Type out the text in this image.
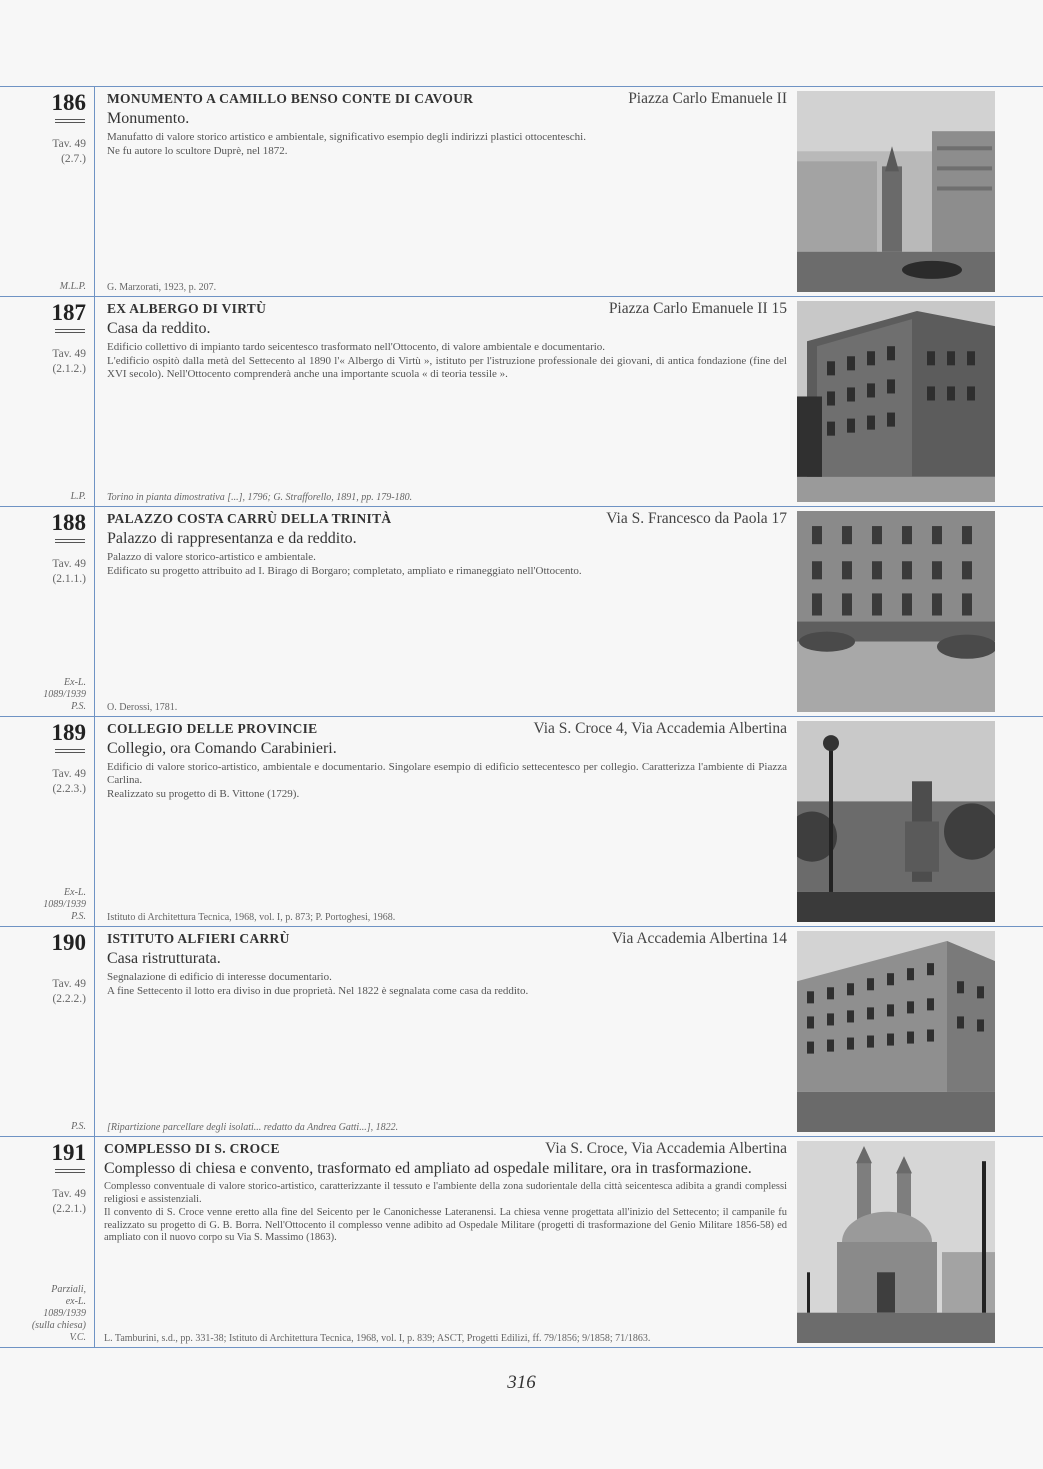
186
Tav. 49
(2.7.)
M.L.P.
MONUMENTO A CAMILLO BENSO CONTE DI CAVOUR	Piazza Carlo Emanuele II
Monumento.

Manufatto di valore storico artistico e ambientale, significativo esempio degli indirizzi plastici ottocenteschi.

Ne fu autore lo scultore Duprè, nel 1872.

G. Marzorati, 1923, p. 207.
187
Tav. 49
(2.1.2.)
L.P.
EX ALBERGO DI VIRTÙ	Piazza Carlo Emanuele II 15
Casa da reddito.

Edificio collettivo di impianto tardo seicentesco trasformato nell'Ottocento, di valore ambientale e documentario.

L'edificio ospitò dalla metà del Settecento al 1890 l'« Albergo di Virtù », istituto per l'istruzione professionale dei giovani, di antica fondazione (fine del XVI secolo). Nell'Ottocento comprenderà anche una importante scuola « di teoria tessile ».

Torino in pianta dimostrativa [...], 1796; G. Strafforello, 1891, pp. 179-180.
188
Tav. 49
(2.1.1.)
Ex-L.
1089/1939
P.S.
PALAZZO COSTA CARRÙ DELLA TRINITÀ	Via S. Francesco da Paola 17
Palazzo di rappresentanza e da reddito.

Palazzo di valore storico-artistico e ambientale.

Edificato su progetto attribuito ad I. Birago di Borgaro; completato, ampliato e rimaneggiato nell'Ottocento.

O. Derossi, 1781.
189
Tav. 49
(2.2.3.)
Ex-L.
1089/1939
P.S.
COLLEGIO DELLE PROVINCIE	Via S. Croce 4, Via Accademia Albertina
Collegio, ora Comando Carabinieri.

Edificio di valore storico-artistico, ambientale e documentario. Singolare esempio di edificio settecentesco per collegio. Caratterizza l'ambiente di Piazza Carlina.

Realizzato su progetto di B. Vittone (1729).

Istituto di Architettura Tecnica, 1968, vol. I, p. 873; P. Portoghesi, 1968.
190
Tav. 49
(2.2.2.)
P.S.
ISTITUTO ALFIERI CARRÙ	Via Accademia Albertina 14
Casa ristrutturata.

Segnalazione di edificio di interesse documentario.

A fine Settecento il lotto era diviso in due proprietà. Nel 1822 è segnalata come casa da reddito.

[Ripartizione parcellare degli isolati... redatto da Andrea Gatti...], 1822.
191
Tav. 49
(2.2.1.)
Parziali,
ex-L.
1089/1939
(sulla chiesa)
V.C.
COMPLESSO DI S. CROCE	Via S. Croce, Via Accademia Albertina
Complesso di chiesa e convento, trasformato ed ampliato ad ospedale militare, ora in trasformazione.

Complesso conventuale di valore storico-artistico, caratterizzante il tessuto e l'ambiente della zona sudorientale della città seicentesca adibita a grandi complessi religiosi e assistenziali.

Il convento di S. Croce venne eretto alla fine del Seicento per le Canonichesse Lateranensi. La chiesa venne progettata all'inizio del Settecento; il campanile fu realizzato su progetto di G. B. Borra. Nell'Ottocento il complesso venne adibito ad Ospedale Militare (progetti di trasformazione del Genio Militare 1856-58) ed ampliato con il nuovo corpo su Via S. Massimo (1863).

L. Tamburini, s.d., pp. 331-38; Istituto di Architettura Tecnica, 1968, vol. I, p. 839; ASCT, Progetti Edilizi, ff. 79/1856; 9/1858; 71/1863.
316
